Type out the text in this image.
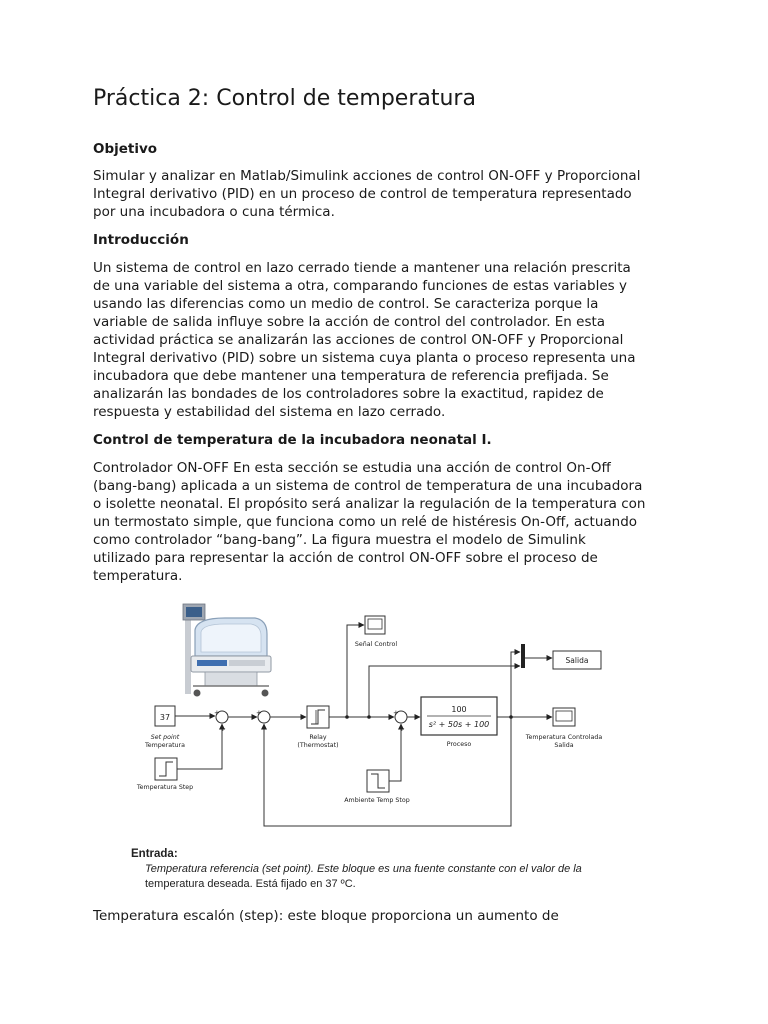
Práctica 2: Control de temperatura
Objetivo
Simular y analizar en Matlab/Simulink acciones de control ON-OFF y Proporcional
Integral derivativo (PID) en un proceso de control de temperatura representado
por una incubadora o cuna térmica.
Introducción
Un sistema de control en lazo cerrado tiende a mantener una relación prescrita
de una variable del sistema a otra, comparando funciones de estas variables y
usando las diferencias como un medio de control. Se caracteriza porque la
variable de salida influye sobre la acción de control del controlador. En esta
actividad práctica se analizarán las acciones de control ON-OFF y Proporcional
Integral derivativo (PID) sobre un sistema cuya planta o proceso representa una
incubadora que debe mantener una temperatura de referencia prefijada. Se
analizarán las bondades de los controladores sobre la exactitud, rapidez de
respuesta y estabilidad del sistema en lazo cerrado.
Control de temperatura de la incubadora neonatal I.
Controlador ON-OFF En esta sección se estudia una acción de control On-Off
(bang-bang) aplicada a un sistema de control de temperatura de una incubadora
o isolette neonatal. El propósito será analizar la regulación de la temperatura con
un termostato simple, que funciona como un relé de histéresis On-Off, actuando
como controlador “bang-bang”. La figura muestra el modelo de Simulink
utilizado para representar la acción de control ON-OFF sobre el proceso de
temperatura.
Temperatura escalón (step): este bloque proporciona un aumento de
37
Set point
Temperatura
Temperatura Step
+
+
+
-
Relay
(Thermostat)
Señal Control
+
+
100
s² + 50s + 100
Proceso
Salida
Temperatura Controlada
Salida
Ambiente Temp Stop
Entrada:
Temperatura referencia (set point). Este bloque es una fuente constante con el valor de la
temperatura deseada. Está fijado en 37 ºC.
